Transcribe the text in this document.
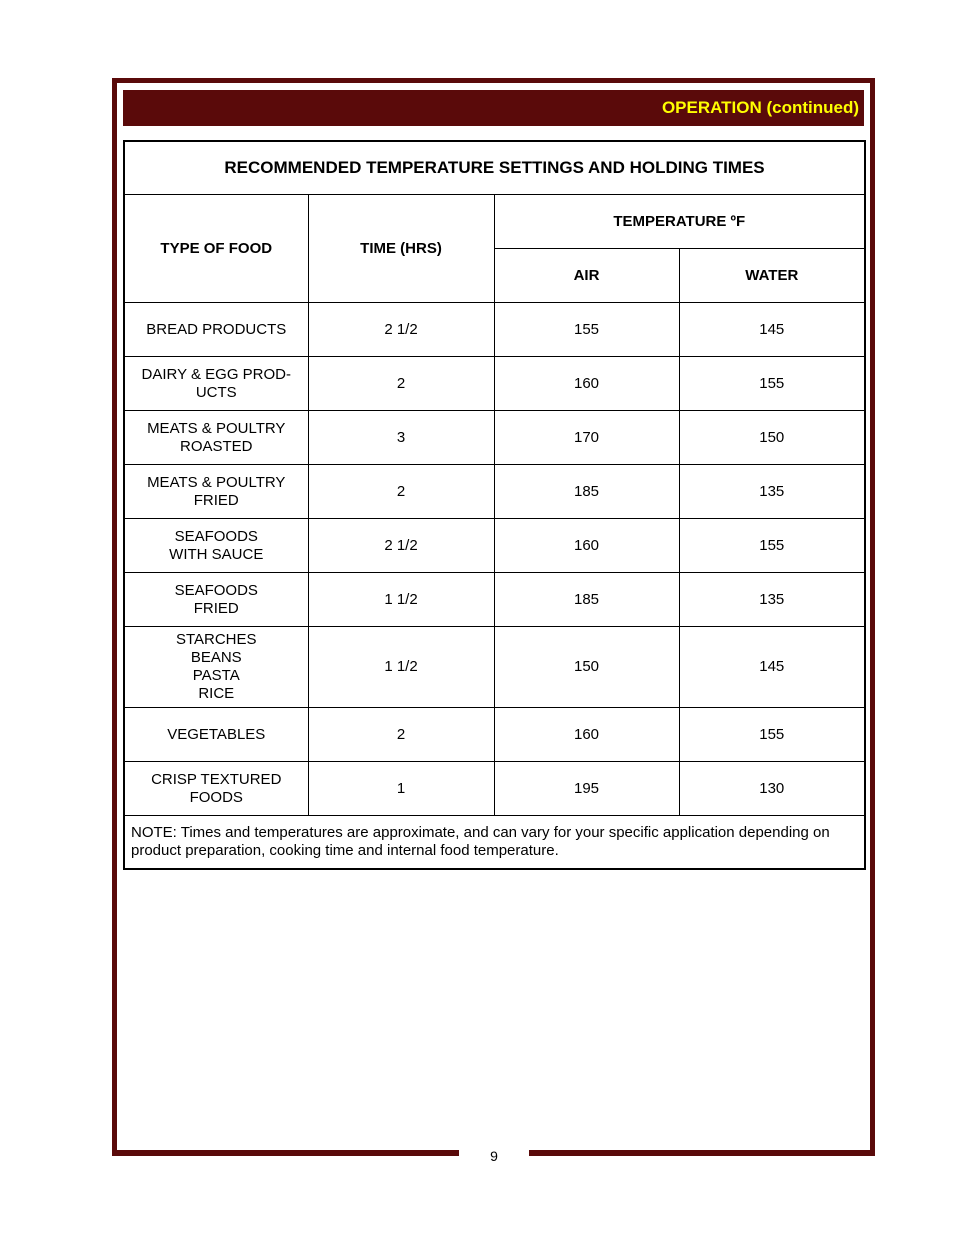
OPERATION (continued)
RECOMMENDED TEMPERATURE SETTINGS AND HOLDING TIMES			
TYPE OF FOOD	TIME (HRS)	TEMPERATURE ºF	
		AIR	WATER
BREAD PRODUCTS	2 1/2	155	145
DAIRY & EGG PROD-
UCTS	2	160	155
MEATS & POULTRY
ROASTED	3	170	150
MEATS & POULTRY
FRIED	2	185	135
SEAFOODS
WITH SAUCE	2 1/2	160	155
SEAFOODS
FRIED	1 1/2	185	135
STARCHES
BEANS
PASTA
RICE	1 1/2	150	145
VEGETABLES	2	160	155
CRISP TEXTURED
FOODS	1	195	130
NOTE: Times and temperatures are approximate, and can vary for your specific application depending on product preparation, cooking time and internal food temperature.			
9
